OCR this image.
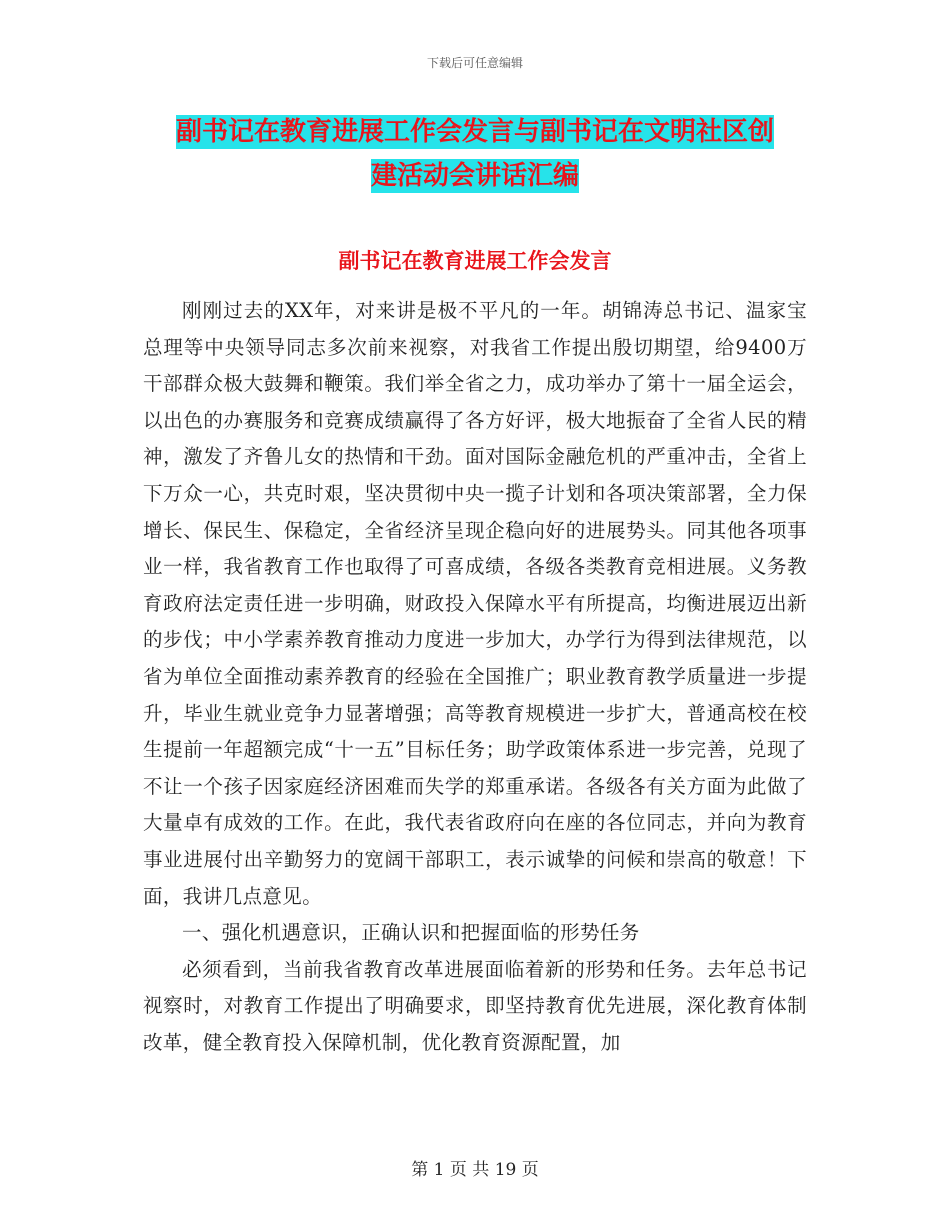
下载后可任意编辑
副书记在教育进展工作会发言与副书记在文明社区创
建活动会讲话汇编
副书记在教育进展工作会发言

刚刚过去的XX年，对来讲是极不平凡的一年。胡锦涛总书记、温家宝总理等中央领导同志多次前来视察，对我省工作提出殷切期望，给9400万干部群众极大鼓舞和鞭策。我们举全省之力，成功举办了第十一届全运会，以出色的办赛服务和竞赛成绩赢得了各方好评，极大地振奋了全省人民的精神，激发了齐鲁儿女的热情和干劲。面对国际金融危机的严重冲击，全省上下万众一心，共克时艰，坚决贯彻中央一揽子计划和各项决策部署，全力保增长、保民生、保稳定，全省经济呈现企稳向好的进展势头。同其他各项事业一样，我省教育工作也取得了可喜成绩，各级各类教育竞相进展。义务教育政府法定责任进一步明确，财政投入保障水平有所提高，均衡进展迈出新的步伐；中小学素养教育推动力度进一步加大，办学行为得到法律规范，以省为单位全面推动素养教育的经验在全国推广；职业教育教学质量进一步提升，毕业生就业竞争力显著增强；高等教育规模进一步扩大，普通高校在校生提前一年超额完成“十一五”目标任务；助学政策体系进一步完善，兑现了不让一个孩子因家庭经济困难而失学的郑重承诺。各级各有关方面为此做了大量卓有成效的工作。在此，我代表省政府向在座的各位同志，并向为教育事业进展付出辛勤努力的宽阔干部职工，表示诚挚的问候和崇高的敬意！下面，我讲几点意见。

一、强化机遇意识，正确认识和把握面临的形势任务

必须看到，当前我省教育改革进展面临着新的形势和任务。去年总书记视察时，对教育工作提出了明确要求，即坚持教育优先进展，深化教育体制改革，健全教育投入保障机制，优化教育资源配置，加

第 1 页 共 19 页
